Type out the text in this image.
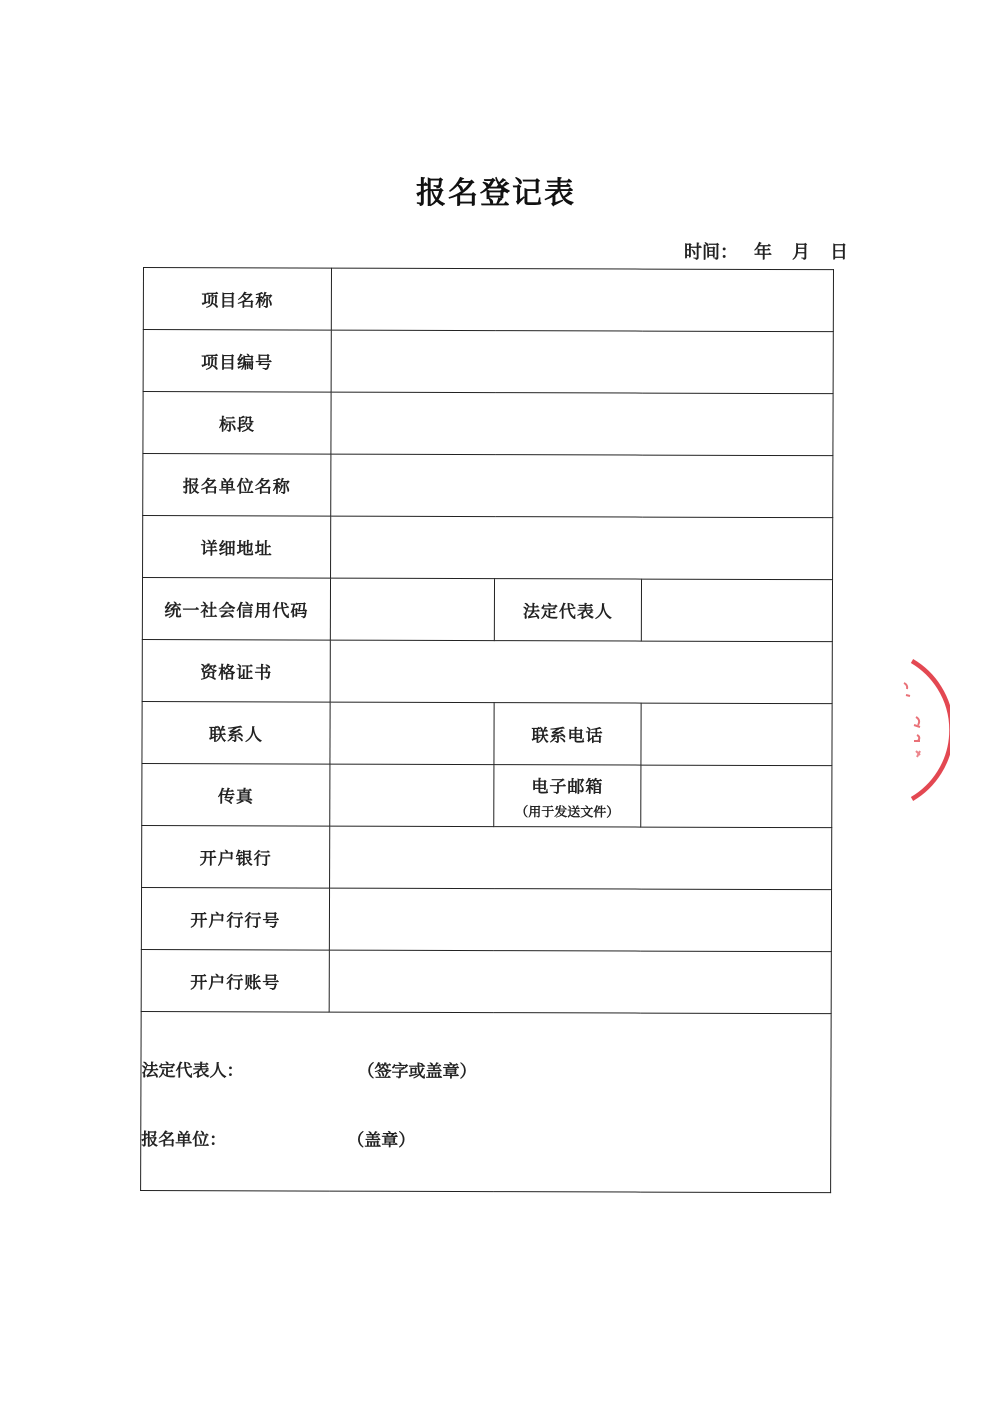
报名登记表
时间： 年 月 日
项目名称			
项目编号			
标段			
报名单位名称			
详细地址			
统一社会信用代码		法定代表人	
资格证书			
联系人		联系电话	
传真		电子邮箱
（用于发送文件）	

开户银行			
开户行行号			
开户行账号			

法定代表人： （签字或盖章）
报名单位： （盖章）			
